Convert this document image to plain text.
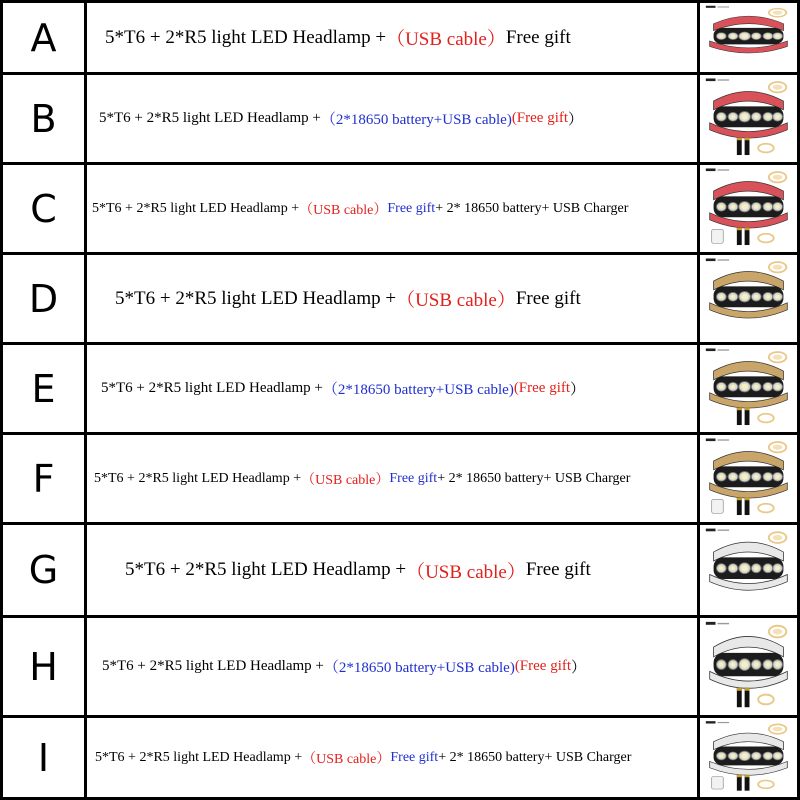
A	5*T6 + 2*R5 light LED Headlamp + （USB cable） Free gift
B	5*T6 + 2*R5 light LED Headlamp + （2*18650 battery+USB cable) (Free gift ）
C	5*T6 + 2*R5 light LED Headlamp + （USB cable） Free gift + 2* 18650 battery+ USB Charger
D	5*T6 + 2*R5 light LED Headlamp + （USB cable） Free gift
E	5*T6 + 2*R5 light LED Headlamp + （2*18650 battery+USB cable) (Free gift ）
F	5*T6 + 2*R5 light LED Headlamp + （USB cable） Free gift + 2* 18650 battery+ USB Charger
G	5*T6 + 2*R5 light LED Headlamp + （USB cable） Free gift
H	5*T6 + 2*R5 light LED Headlamp + （2*18650 battery+USB cable) (Free gift ）
I	5*T6 + 2*R5 light LED Headlamp + （USB cable） Free gift + 2* 18650 battery+ USB Charger
